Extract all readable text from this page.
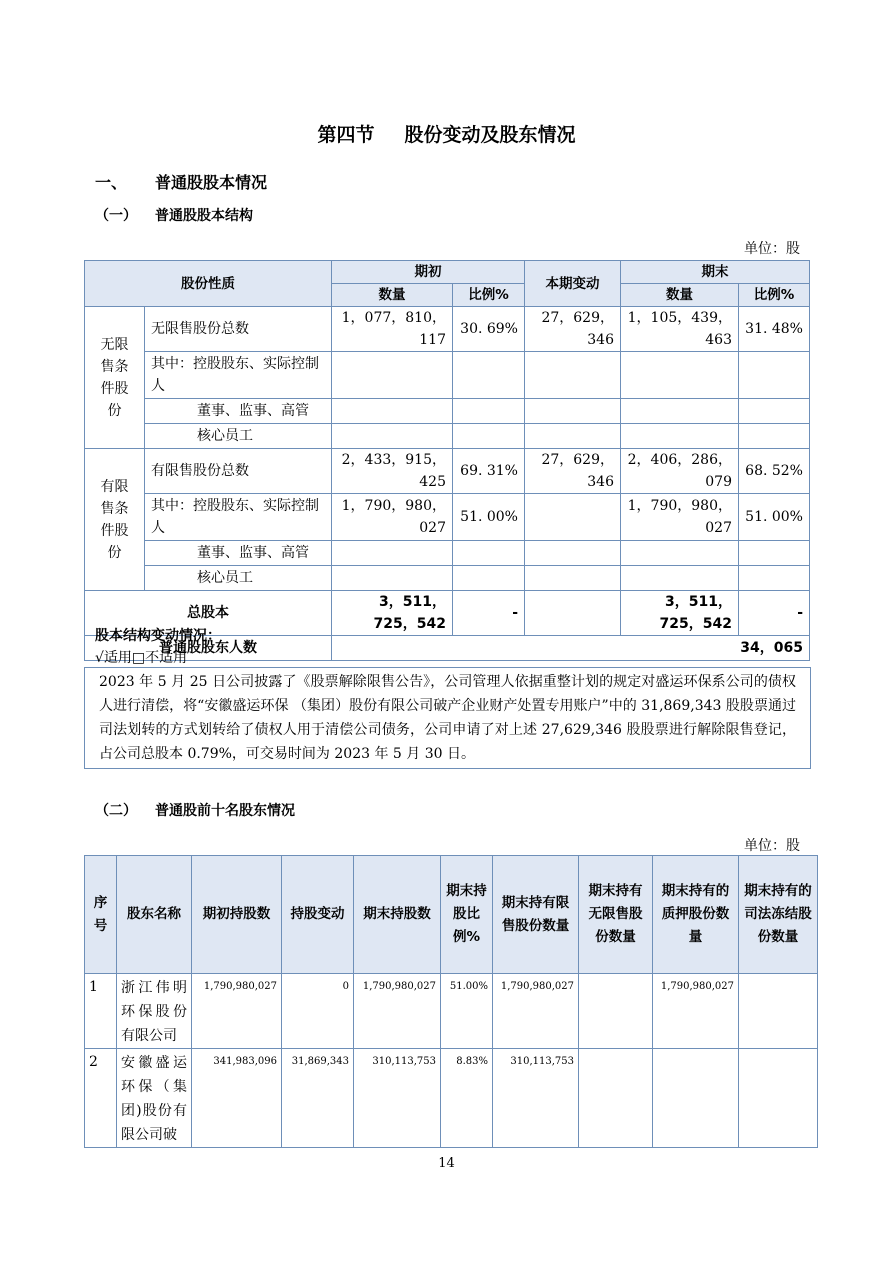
第四节 股份变动及股东情况
一、 普通股股本情况
（一） 普通股股本结构
单位：股
股份性质		期初		本期变动	期末	
		数量	比例%		数量	比例%
无限售条件股份	无限售股份总数	1，077，810，117	30. 69%	27，629，346	1，105，439，463	31. 48%
	其中：控股股东、实际控制人					
	董事、监事、高管					
	核心员工					
有限售条件股份	有限售股份总数	2，433，915，425	69. 31%	27，629，346	2，406，286，079	68. 52%
	其中：控股股东、实际控制人	1，790，980，027	51. 00%		1，790，980，027	51. 00%
	董事、监事、高管					
	核心员工					
总股本		3，511，725，542	-		3，511，725，542	-
普通股股东人数		34，065				
股本结构变动情况：
√适用□不适用
2023 年 5 月 25 日公司披露了《股票解除限售公告》，公司管理人依据重整计划的规定对盛运环保系公司的债权人进行清偿，将“安徽盛运环保 （集团）股份有限公司破产企业财产处置专用账户”中的 31,869,343 股股票通过司法划转的方式划转给了债权人用于清偿公司债务，公司申请了对上述 27,629,346 股股票进行解除限售登记，占公司总股本 0.79%，可交易时间为 2023 年 5 月 30 日。
（二） 普通股前十名股东情况
单位：股
序号	股东名称	期初持股数	持股变动	期末持股数	期末持股比例%	期末持有限售股份数量	期末持有无限售股份数量	期末持有的质押股份数量	期末持有的司法冻结股份数量
1	浙江伟明环保股份有限公司	1,790,980,027	0	1,790,980,027	51.00%	1,790,980,027		1,790,980,027	
2	安徽盛运环保（集团)股份有限公司破	341,983,096	31,869,343	310,113,753	8.83%	310,113,753			
14
